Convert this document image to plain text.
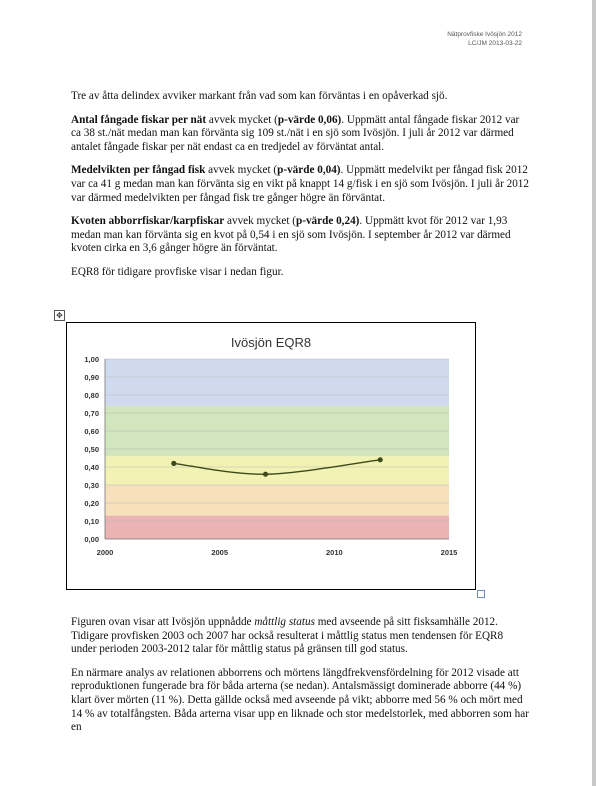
Nätprovfiske Ivösjön 2012
LC/JM 2013-03-22

Tre av åtta delindex avviker markant från vad som kan förväntas i en opåverkad sjö.

Antal fångade fiskar per nät avvek mycket (p-värde 0,06). Uppmätt antal fångade fiskar 2012 var ca 38 st./nät medan man kan förvänta sig 109 st./nät i en sjö som Ivösjön. I juli år 2012 var därmed antalet fångade fiskar per nät endast ca en tredjedel av förväntat antal.

Medelvikten per fångad fisk avvek mycket (p-värde 0,04). Uppmätt medelvikt per fångad fisk 2012 var ca 41 g medan man kan förvänta sig en vikt på knappt 14 g/fisk i en sjö som Ivösjön. I juli år 2012 var därmed medelvikten per fångad fisk tre gånger högre än förväntat.

Kvoten abborrfiskar/karpfiskar avvek mycket (p-värde 0,24). Uppmätt kvot för 2012 var 1,93 medan man kan förvänta sig en kvot på 0,54 i en sjö som Ivösjön. I september år 2012 var därmed kvoten cirka en 3,6 gånger högre än förväntat.

EQR8 för tidigare provfiske visar i nedan figur.

✥
Ivösjön EQR8
0,00
0,10
0,20
0,30
0,40
0,50
0,60
0,70
0,80
0,90
1,00
2000	2005	2010	2015

Figuren ovan visar att Ivösjön uppnådde måttlig status med avseende på sitt fisksamhälle 2012. Tidigare provfisken 2003 och 2007 har också resulterat i måttlig status men tendensen för EQR8 under perioden 2003-2012 talar för måttlig status på gränsen till god status.

En närmare analys av relationen abborrens och mörtens längdfrekvensfördelning för 2012 visade att reproduktionen fungerade bra för båda arterna (se nedan). Antalsmässigt dominerade abborre (44 %) klart över mörten (11 %). Detta gällde också med avseende på vikt; abborre med 56 % och mört med 14 % av totalfångsten. Båda arterna visar upp en liknade och stor medelstorlek, med abborren som har en
